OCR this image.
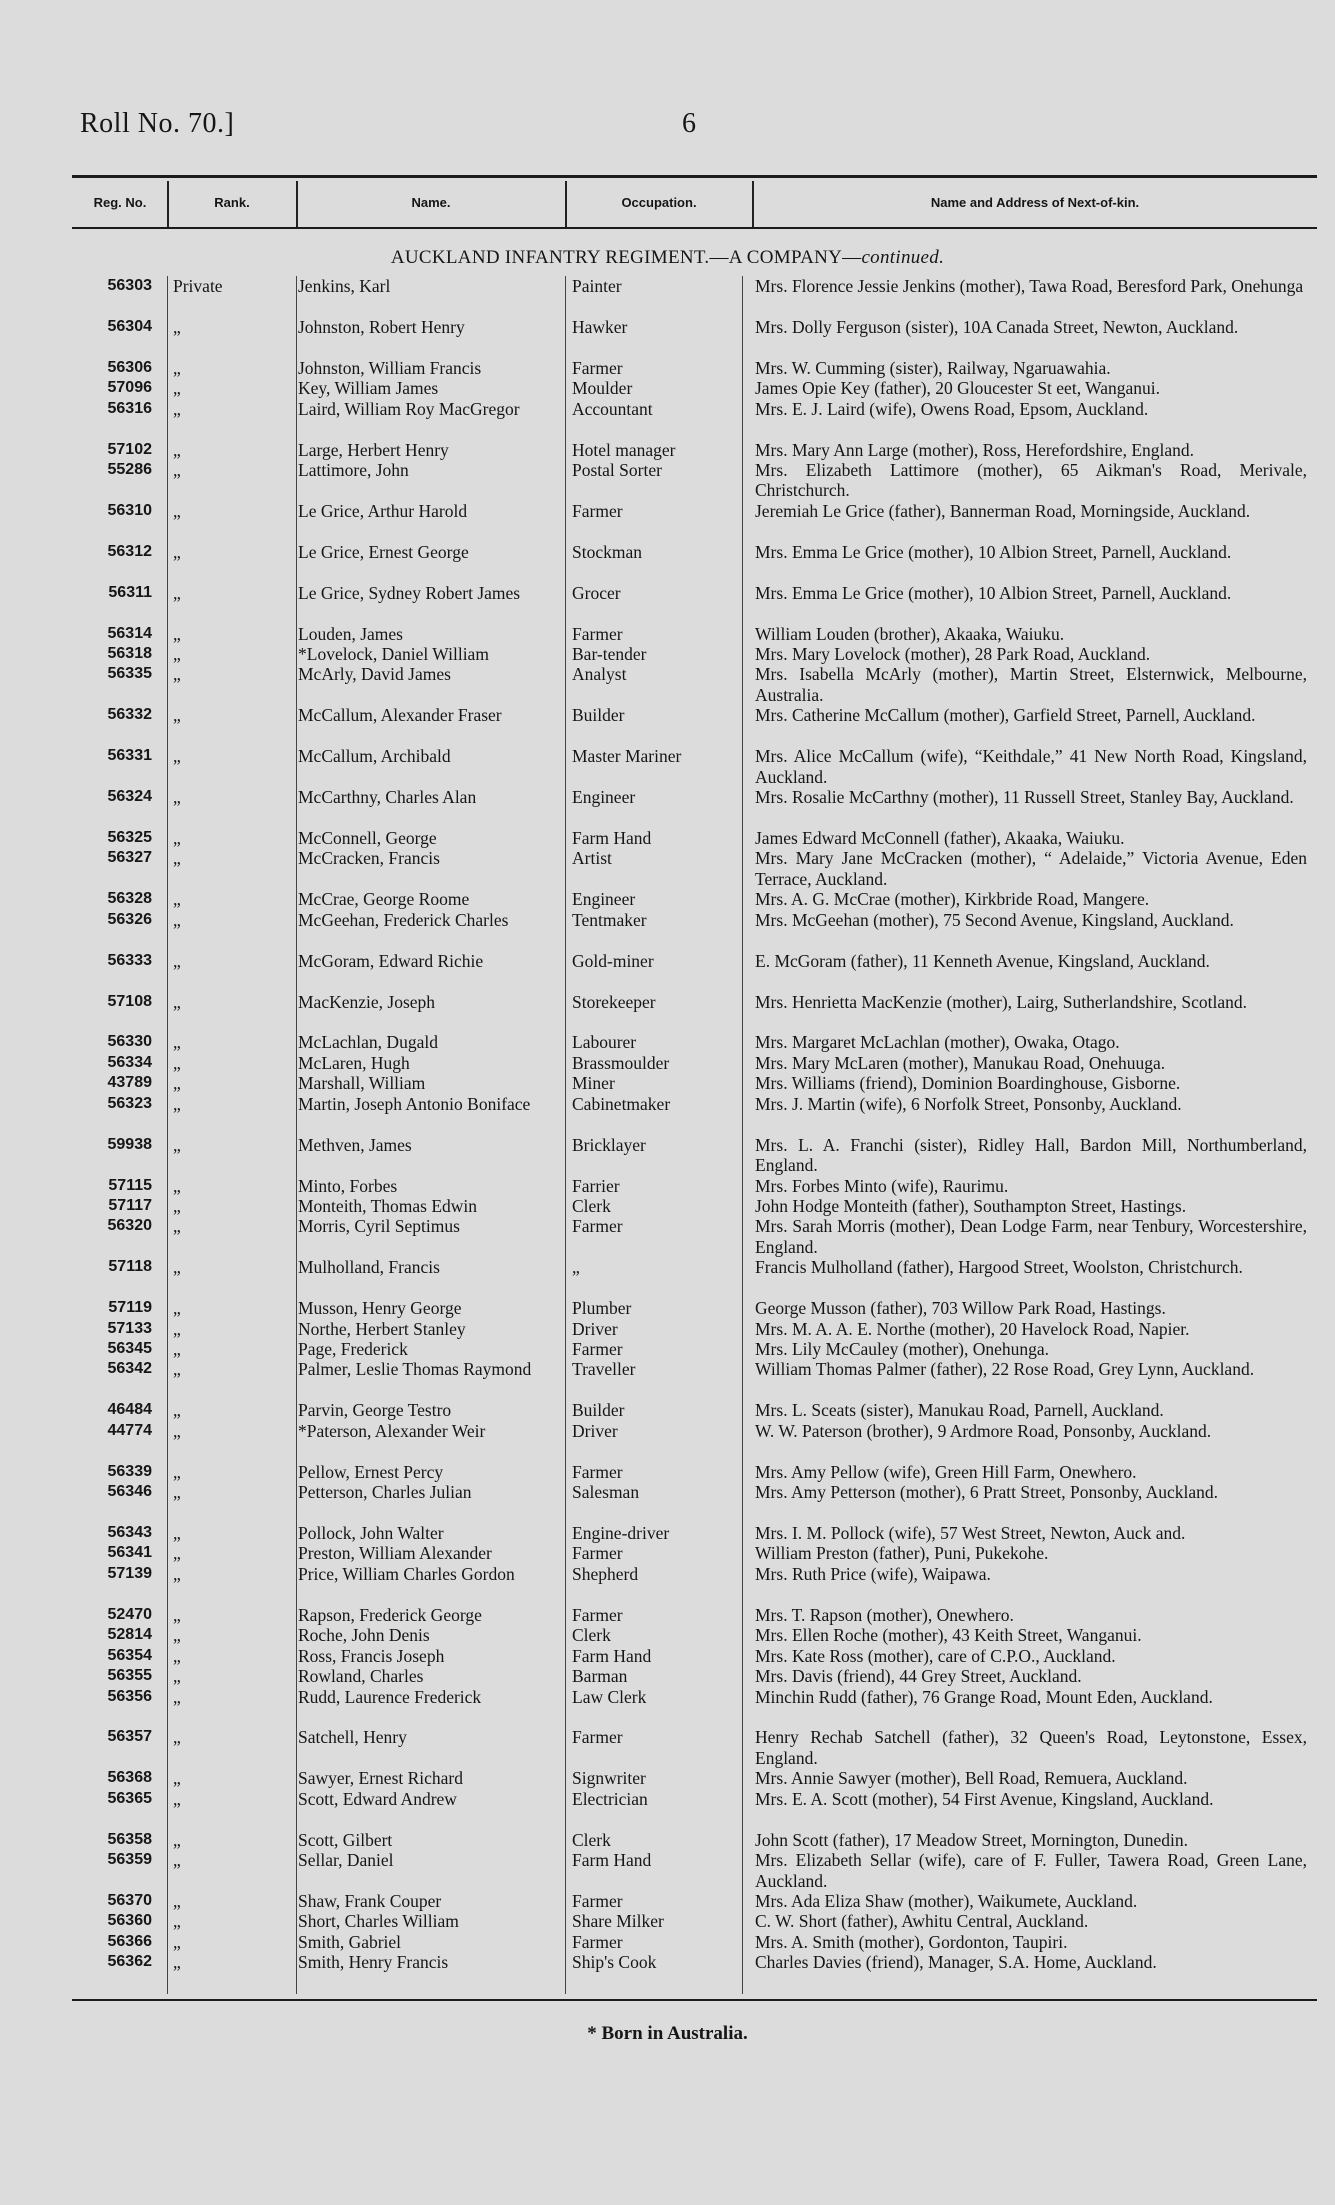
Roll No. 70.]	6
Reg. No.	Rank.	Name.	Occupation.	Name and Address of Next-of-kin.
AUCKLAND INFANTRY REGIMENT.—A COMPANY—continued.
56303 Private	Jenkins, Karl	Painter	Mrs. Florence Jessie Jenkins (mother), Tawa Road, Beresford Park, Onehunga
56304 „	Johnston, Robert Henry	Hawker	Mrs. Dolly Ferguson (sister), 10A Canada Street, Newton, Auckland.
56306 „	Johnston, William Francis	Farmer	Mrs. W. Cumming (sister), Railway, Ngaruawahia.
57096 „	Key, William James	Moulder	James Opie Key (father), 20 Gloucester St eet, Wanganui.
56316 „	Laird, William Roy MacGregor	Accountant	Mrs. E. J. Laird (wife), Owens Road, Epsom, Auckland.
57102 „	Large, Herbert Henry	Hotel manager	Mrs. Mary Ann Large (mother), Ross, Herefordshire, England.
55286 „	Lattimore, John	Postal Sorter	Mrs. Elizabeth Lattimore (mother), 65 Aikman's Road, Merivale, Christchurch.
56310 „	Le Grice, Arthur Harold	Farmer	Jeremiah Le Grice (father), Bannerman Road, Morningside, Auckland.
56312 „	Le Grice, Ernest George	Stockman	Mrs. Emma Le Grice (mother), 10 Albion Street, Parnell, Auckland.
56311 „	Le Grice, Sydney Robert James	Grocer	Mrs. Emma Le Grice (mother), 10 Albion Street, Parnell, Auckland.
56314 „	Louden, James	Farmer	William Louden (brother), Akaaka, Waiuku.
56318 „	*Lovelock, Daniel William	Bar-tender	Mrs. Mary Lovelock (mother), 28 Park Road, Auckland.
56335 „	McArly, David James	Analyst	Mrs. Isabella McArly (mother), Martin Street, Elsternwick, Melbourne, Australia.
56332 „	McCallum, Alexander Fraser	Builder	Mrs. Catherine McCallum (mother), Garfield Street, Parnell, Auckland.
56331 „	McCallum, Archibald	Master Mariner	Mrs. Alice McCallum (wife), “Keithdale,” 41 New North Road, Kingsland, Auckland.
56324 „	McCarthny, Charles Alan	Engineer	Mrs. Rosalie McCarthny (mother), 11 Russell Street, Stanley Bay, Auckland.
56325 „	McConnell, George	Farm Hand	James Edward McConnell (father), Akaaka, Waiuku.
56327 „	McCracken, Francis	Artist	Mrs. Mary Jane McCracken (mother), “ Adelaide,” Victoria Avenue, Eden Terrace, Auckland.
56328 „	McCrae, George Roome	Engineer	Mrs. A. G. McCrae (mother), Kirkbride Road, Mangere.
56326 „	McGeehan, Frederick Charles	Tentmaker	Mrs. McGeehan (mother), 75 Second Avenue, Kingsland, Auckland.
56333 „	McGoram, Edward Richie	Gold-miner	E. McGoram (father), 11 Kenneth Avenue, Kingsland, Auckland.
57108 „	MacKenzie, Joseph	Storekeeper	Mrs. Henrietta MacKenzie (mother), Lairg, Sutherlandshire, Scotland.
56330 „	McLachlan, Dugald	Labourer	Mrs. Margaret McLachlan (mother), Owaka, Otago.
56334 „	McLaren, Hugh	Brassmoulder	Mrs. Mary McLaren (mother), Manukau Road, Onehuuga.
43789 „	Marshall, William	Miner	Mrs. Williams (friend), Dominion Boardinghouse, Gisborne.
56323 „	Martin, Joseph Antonio Boniface	Cabinetmaker	Mrs. J. Martin (wife), 6 Norfolk Street, Ponsonby, Auckland.
59938 „	Methven, James	Bricklayer	Mrs. L. A. Franchi (sister), Ridley Hall, Bardon Mill, Northumberland, England.
57115 „	Minto, Forbes	Farrier	Mrs. Forbes Minto (wife), Raurimu.
57117 „	Monteith, Thomas Edwin	Clerk	John Hodge Monteith (father), Southampton Street, Hastings.
56320 „	Morris, Cyril Septimus	Farmer	Mrs. Sarah Morris (mother), Dean Lodge Farm, near Tenbury, Worcestershire, England.
57118 „	Mulholland, Francis	„	Francis Mulholland (father), Hargood Street, Woolston, Christchurch.
57119 „	Musson, Henry George	Plumber	George Musson (father), 703 Willow Park Road, Hastings.
57133 „	Northe, Herbert Stanley	Driver	Mrs. M. A. A. E. Northe (mother), 20 Havelock Road, Napier.
56345 „	Page, Frederick	Farmer	Mrs. Lily McCauley (mother), Onehunga.
56342 „	Palmer, Leslie Thomas Raymond	Traveller	William Thomas Palmer (father), 22 Rose Road, Grey Lynn, Auckland.
46484 „	Parvin, George Testro	Builder	Mrs. L. Sceats (sister), Manukau Road, Parnell, Auckland.
44774 „	*Paterson, Alexander Weir	Driver	W. W. Paterson (brother), 9 Ardmore Road, Ponsonby, Auckland.
56339 „	Pellow, Ernest Percy	Farmer	Mrs. Amy Pellow (wife), Green Hill Farm, Onewhero.
56346 „	Petterson, Charles Julian	Salesman	Mrs. Amy Petterson (mother), 6 Pratt Street, Ponsonby, Auckland.
56343 „	Pollock, John Walter	Engine-driver	Mrs. I. M. Pollock (wife), 57 West Street, Newton, Auck and.
56341 „	Preston, William Alexander	Farmer	William Preston (father), Puni, Pukekohe.
57139 „	Price, William Charles Gordon	Shepherd	Mrs. Ruth Price (wife), Waipawa.
52470 „	Rapson, Frederick George	Farmer	Mrs. T. Rapson (mother), Onewhero.
52814 „	Roche, John Denis	Clerk	Mrs. Ellen Roche (mother), 43 Keith Street, Wanganui.
56354 „	Ross, Francis Joseph	Farm Hand	Mrs. Kate Ross (mother), care of C.P.O., Auckland.
56355 „	Rowland, Charles	Barman	Mrs. Davis (friend), 44 Grey Street, Auckland.
56356 „	Rudd, Laurence Frederick	Law Clerk	Minchin Rudd (father), 76 Grange Road, Mount Eden, Auckland.
56357 „	Satchell, Henry	Farmer	Henry Rechab Satchell (father), 32 Queen's Road, Leytonstone, Essex, England.
56368 „	Sawyer, Ernest Richard	Signwriter	Mrs. Annie Sawyer (mother), Bell Road, Remuera, Auckland.
56365 „	Scott, Edward Andrew	Electrician	Mrs. E. A. Scott (mother), 54 First Avenue, Kingsland, Auckland.
56358 „	Scott, Gilbert	Clerk	John Scott (father), 17 Meadow Street, Mornington, Dunedin.
56359 „	Sellar, Daniel	Farm Hand	Mrs. Elizabeth Sellar (wife), care of F. Fuller, Tawera Road, Green Lane, Auckland.
56370 „	Shaw, Frank Couper	Farmer	Mrs. Ada Eliza Shaw (mother), Waikumete, Auckland.
56360 „	Short, Charles William	Share Milker	C. W. Short (father), Awhitu Central, Auckland.
56366 „	Smith, Gabriel	Farmer	Mrs. A. Smith (mother), Gordonton, Taupiri.
56362 „	Smith, Henry Francis	Ship's Cook	Charles Davies (friend), Manager, S.A. Home, Auckland.
* Born in Australia.
